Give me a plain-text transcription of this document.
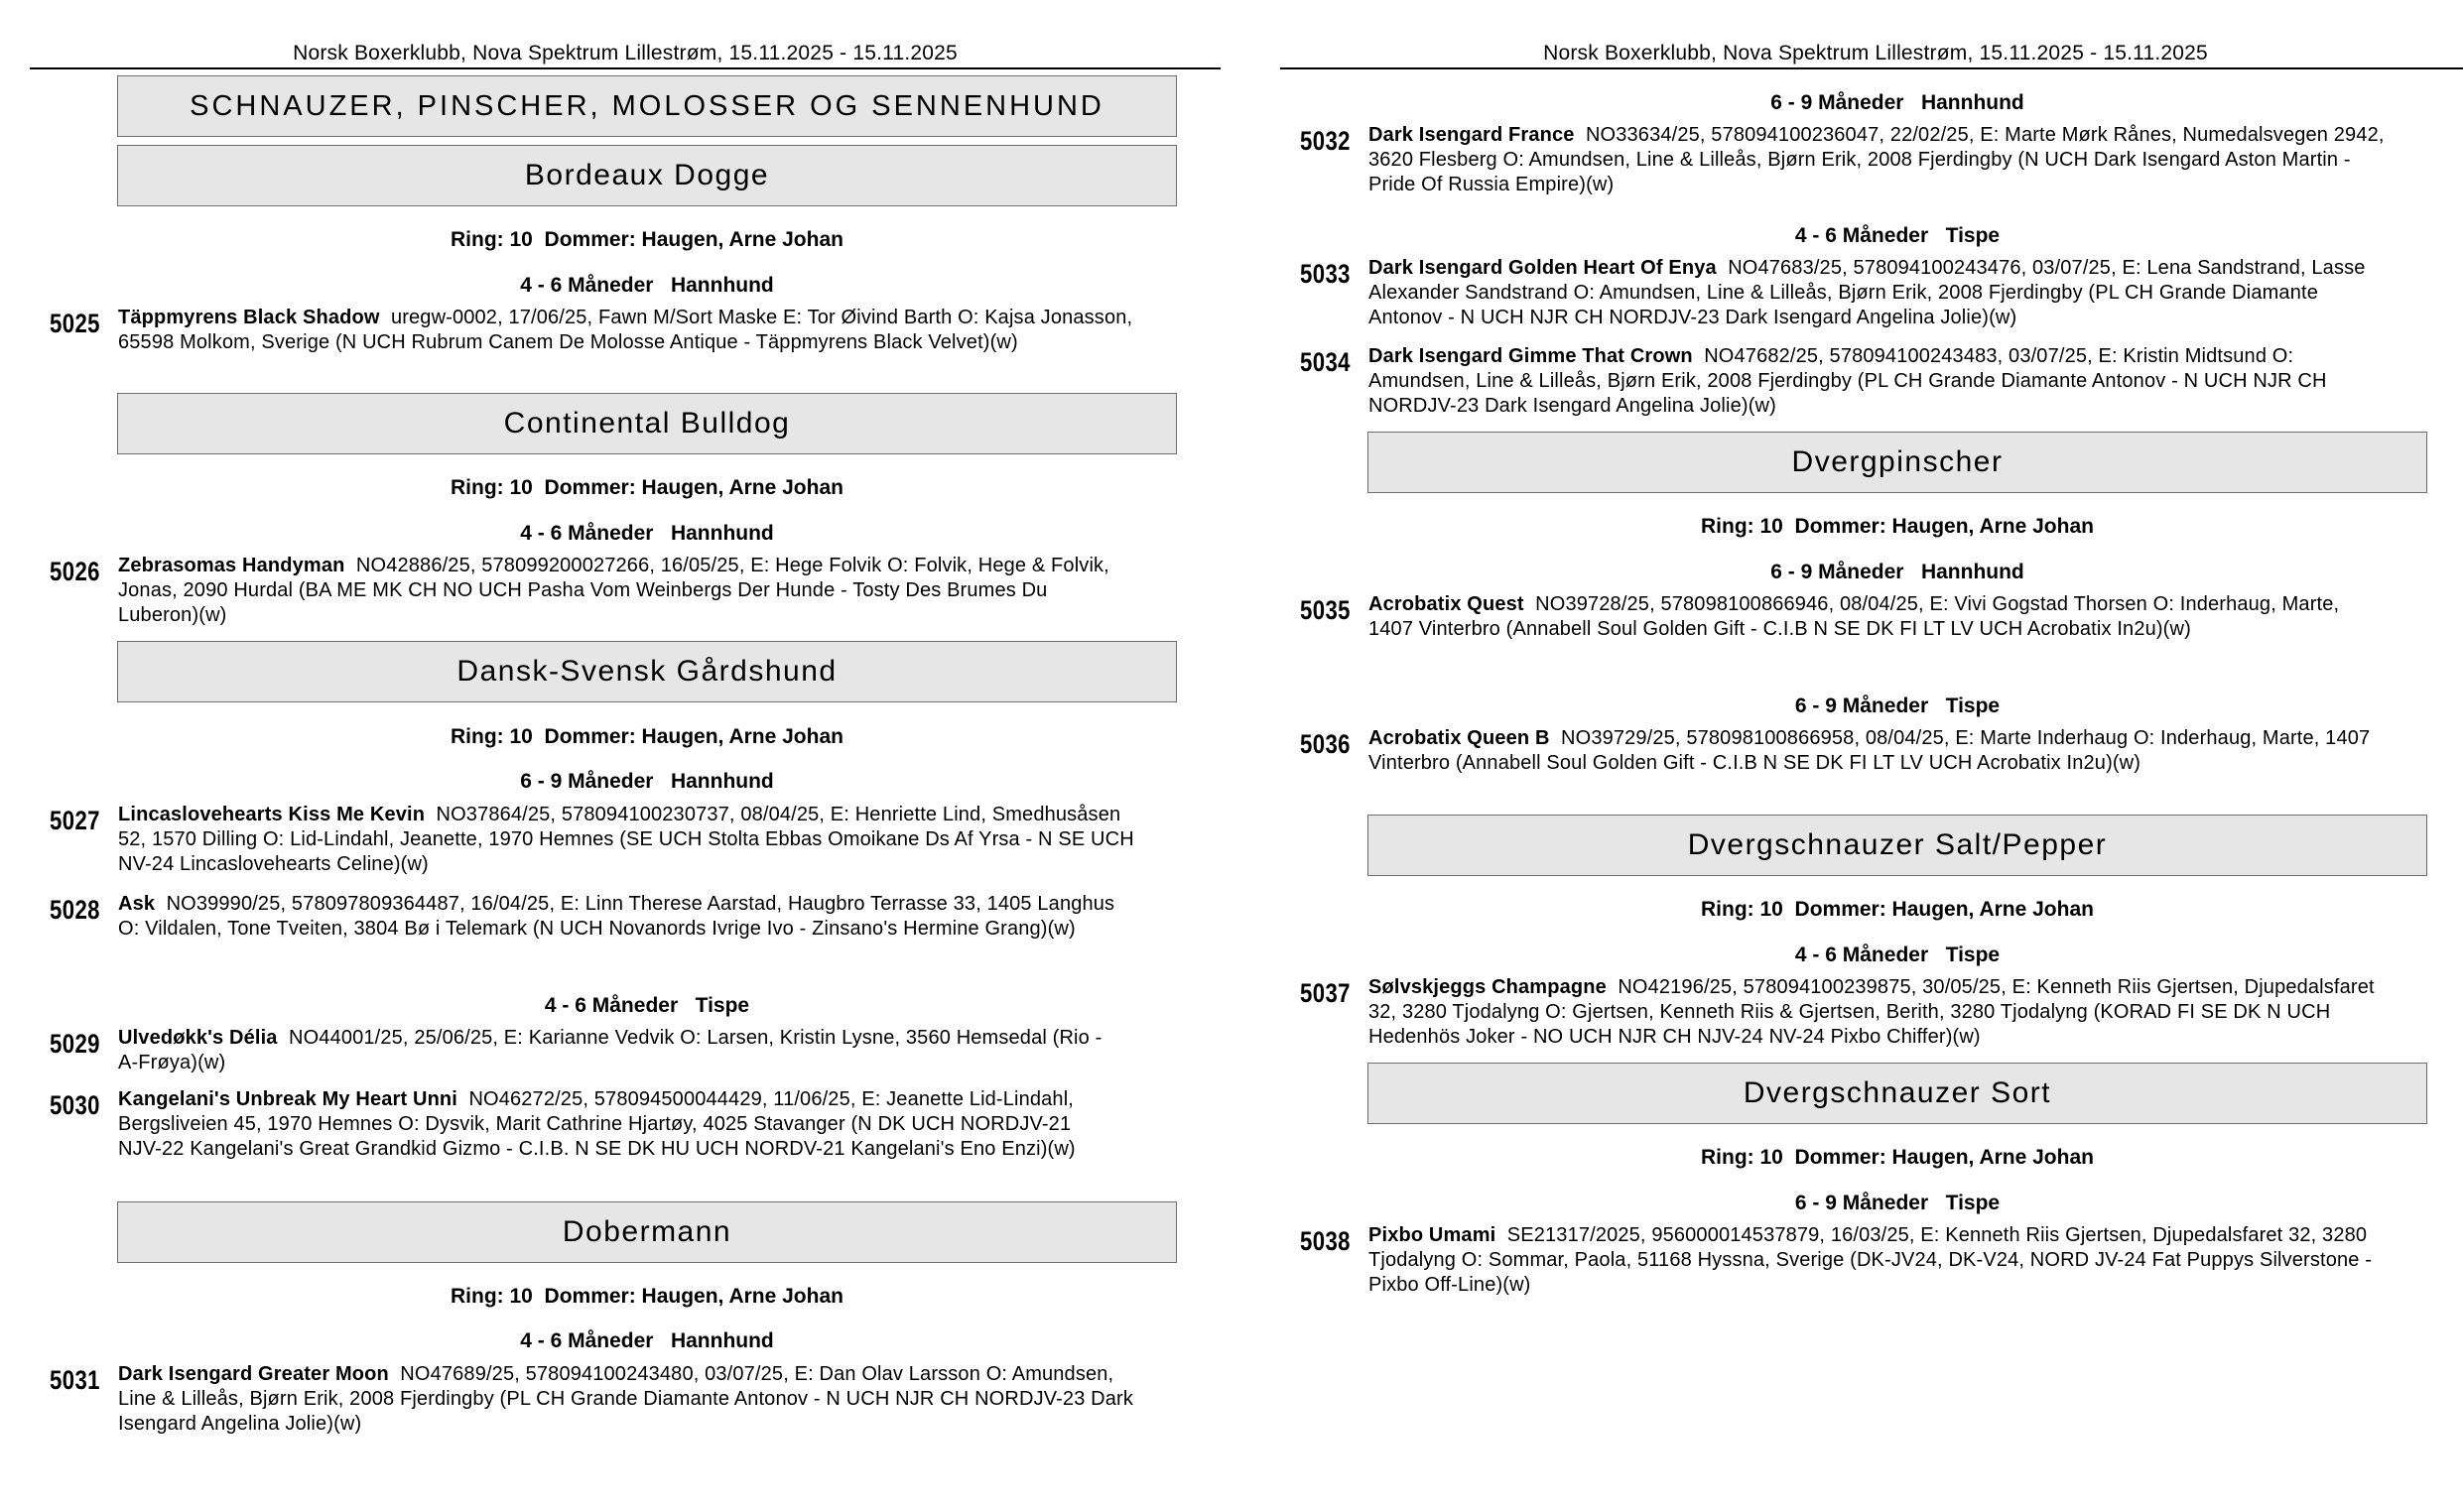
Norsk Boxerklubb, Nova Spektrum Lillestrøm, 15.11.2025 - 15.11.2025
SCHNAUZER, PINSCHER, MOLOSSER OG SENNENHUND
Bordeaux Dogge
Ring: 10  Dommer: Haugen, Arne Johan
4 - 6 Måneder   Hannhund
5025 Täppmyrens Black Shadow uregw-0002, 17/06/25, Fawn M/Sort Maske E: Tor Øivind Barth O: Kajsa Jonasson,
65598 Molkom, Sverige (N UCH Rubrum Canem De Molosse Antique - Täppmyrens Black Velvet)(w)
Continental Bulldog
Ring: 10  Dommer: Haugen, Arne Johan
4 - 6 Måneder   Hannhund
5026 Zebrasomas Handyman NO42886/25, 578099200027266, 16/05/25, E: Hege Folvik O: Folvik, Hege & Folvik,
Jonas, 2090 Hurdal (BA ME MK CH NO UCH Pasha Vom Weinbergs Der Hunde - Tosty Des Brumes Du
Luberon)(w)
Dansk-Svensk Gårdshund
Ring: 10  Dommer: Haugen, Arne Johan
6 - 9 Måneder   Hannhund
5027 Lincaslovehearts Kiss Me Kevin NO37864/25, 578094100230737, 08/04/25, E: Henriette Lind, Smedhusåsen
52, 1570 Dilling O: Lid-Lindahl, Jeanette, 1970 Hemnes (SE UCH Stolta Ebbas Omoikane Ds Af Yrsa - N SE UCH
NV-24 Lincaslovehearts Celine)(w)
5028 Ask NO39990/25, 578097809364487, 16/04/25, E: Linn Therese Aarstad, Haugbro Terrasse 33, 1405 Langhus
O: Vildalen, Tone Tveiten, 3804 Bø i Telemark (N UCH Novanords Ivrige Ivo - Zinsano's Hermine Grang)(w)
4 - 6 Måneder   Tispe
5029 Ulvedøkk's Délia NO44001/25, 25/06/25, E: Karianne Vedvik O: Larsen, Kristin Lysne, 3560 Hemsedal (Rio -
A-Frøya)(w)
5030 Kangelani's Unbreak My Heart Unni NO46272/25, 578094500044429, 11/06/25, E: Jeanette Lid-Lindahl,
Bergsliveien 45, 1970 Hemnes O: Dysvik, Marit Cathrine Hjartøy, 4025 Stavanger (N DK UCH NORDJV-21
NJV-22 Kangelani's Great Grandkid Gizmo - C.I.B. N SE DK HU UCH NORDV-21 Kangelani's Eno Enzi)(w)
Dobermann
Ring: 10  Dommer: Haugen, Arne Johan
4 - 6 Måneder   Hannhund
5031 Dark Isengard Greater Moon NO47689/25, 578094100243480, 03/07/25, E: Dan Olav Larsson O: Amundsen,
Line & Lilleås, Bjørn Erik, 2008 Fjerdingby (PL CH Grande Diamante Antonov - N UCH NJR CH NORDJV-23 Dark
Isengard Angelina Jolie)(w)
Norsk Boxerklubb, Nova Spektrum Lillestrøm, 15.11.2025 - 15.11.2025
6 - 9 Måneder   Hannhund
5032 Dark Isengard France NO33634/25, 578094100236047, 22/02/25, E: Marte Mørk Rånes, Numedalsvegen 2942,
3620 Flesberg O: Amundsen, Line & Lilleås, Bjørn Erik, 2008 Fjerdingby (N UCH Dark Isengard Aston Martin -
Pride Of Russia Empire)(w)
4 - 6 Måneder   Tispe
5033 Dark Isengard Golden Heart Of Enya NO47683/25, 578094100243476, 03/07/25, E: Lena Sandstrand, Lasse
Alexander Sandstrand O: Amundsen, Line & Lilleås, Bjørn Erik, 2008 Fjerdingby (PL CH Grande Diamante
Antonov - N UCH NJR CH NORDJV-23 Dark Isengard Angelina Jolie)(w)
5034 Dark Isengard Gimme That Crown NO47682/25, 578094100243483, 03/07/25, E: Kristin Midtsund O:
Amundsen, Line & Lilleås, Bjørn Erik, 2008 Fjerdingby (PL CH Grande Diamante Antonov - N UCH NJR CH
NORDJV-23 Dark Isengard Angelina Jolie)(w)
Dvergpinscher
Ring: 10  Dommer: Haugen, Arne Johan
6 - 9 Måneder   Hannhund
5035 Acrobatix Quest NO39728/25, 578098100866946, 08/04/25, E: Vivi Gogstad Thorsen O: Inderhaug, Marte,
1407 Vinterbro (Annabell Soul Golden Gift - C.I.B N SE DK FI LT LV UCH Acrobatix In2u)(w)
6 - 9 Måneder   Tispe
5036 Acrobatix Queen B NO39729/25, 578098100866958, 08/04/25, E: Marte Inderhaug O: Inderhaug, Marte, 1407
Vinterbro (Annabell Soul Golden Gift - C.I.B N SE DK FI LT LV UCH Acrobatix In2u)(w)
Dvergschnauzer Salt/Pepper
Ring: 10  Dommer: Haugen, Arne Johan
4 - 6 Måneder   Tispe
5037 Sølvskjeggs Champagne NO42196/25, 578094100239875, 30/05/25, E: Kenneth Riis Gjertsen, Djupedalsfaret
32, 3280 Tjodalyng O: Gjertsen, Kenneth Riis & Gjertsen, Berith, 3280 Tjodalyng (KORAD FI SE DK N UCH
Hedenhös Joker - NO UCH NJR CH NJV-24 NV-24 Pixbo Chiffer)(w)
Dvergschnauzer Sort
Ring: 10  Dommer: Haugen, Arne Johan
6 - 9 Måneder   Tispe
5038 Pixbo Umami SE21317/2025, 956000014537879, 16/03/25, E: Kenneth Riis Gjertsen, Djupedalsfaret 32, 3280
Tjodalyng O: Sommar, Paola, 51168 Hyssna, Sverige (DK-JV24, DK-V24, NORD JV-24 Fat Puppys Silverstone -
Pixbo Off-Line)(w)
